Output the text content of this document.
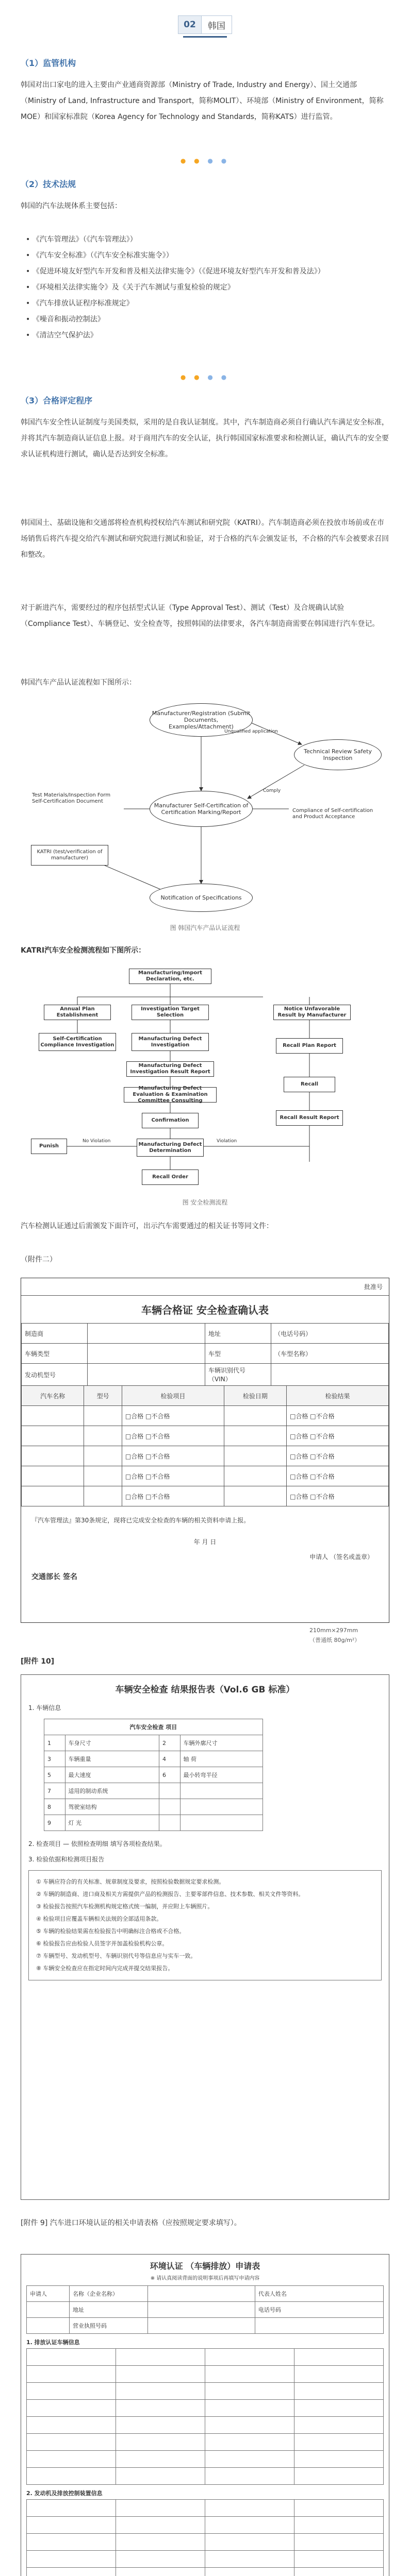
02	韩国
（1）监管机构
韩国对出口家电的进入主要由产业通商资源部（Ministry of Trade, Industry and Energy）、国土交通部（Ministry of Land, Infrastructure and Transport，简称MOLIT）、环境部（Ministry of Environment，简称MOE）和国家标准院（Korea Agency for Technology and Standards，简称KATS）进行监管。
● ● ● ●
（2）技术法规
韩国的汽车法规体系主要包括：
• 《汽车管理法》（《汽车管理法》）
• 《汽车安全标准》（《汽车安全标准实施令》）
• 《促进环境友好型汽车开发和普及相关法律实施令》（《促进环境友好型汽车开发和普及法》）
• 《环境相关法律实施令》及《关于汽车测试与重复检验的规定》
• 《汽车排放认证程序标准规定》
• 《噪音和振动控制法》
• 《清洁空气保护法》
● ● ● ●
（3）合格评定程序
韩国汽车安全性认证制度与美国类似，采用的是自我认证制度。其中，汽车制造商必须自行确认汽车满足安全标准，并将其汽车制造商认证信息上报。对于商用汽车的安全认证，执行韩国国家标准要求和检测认证，确认汽车的安全要求认证机构进行测试，确认是否达到安全标准。
韩国国土、基础设施和交通部将检查机构授权给汽车测试和研究院（KATRI）。汽车制造商必须在投放市场前或在市场销售后将汽车提交给汽车测试和研究院进行测试和验证，对于合格的汽车会颁发证书，不合格的汽车会被要求召回和整改。
对于新进汽车，需要经过的程序包括型式认证（Type Approval Test）、测试（Test）及合规确认试验（Compliance Test）、车辆登记、安全检查等，按照韩国的法律要求，各汽车制造商需要在韩国进行汽车登记。
韩国汽车产品认证流程如下图所示：
Manufacturer/Registration (Submit Documents, Examples/Attachment)
Technical Review Safety Inspection
Unqualified application
Comply
Manufacturer Self-Certification of Certification Marking/Report
Test Materials/Inspection Form Self-Certification Document
Compliance of Self-certification and Product Acceptance
KATRI (test/verification of manufacturer)
Notification of Specifications
图 韩国汽车产品认证流程
KATRI汽车安全检测流程如下图所示：
Manufacturing/Import Declaration, etc.
Annual Plan Establishment
Investigation Target Selection
Notice Unfavorable Result by Manufacturer
Self-Certification Compliance Investigation
Manufacturing Defect Investigation
Manufacturing Defect Investigation Result Report
Recall Plan Report
Manufacturing Defect Evaluation & Examination Committee Consulting
Recall
Confirmation	Recall Result Report
Manufacturing Defect Determination
Punish
Recall Order
No Violation	Violation
图 安全检测流程
汽车检测认证通过后需颁发下面许可，出示汽车需要通过的相关证书等同文件：
（附件二）
批准号
车辆合格证 安全检查确认表
制造商		地址	（电话号码）
车辆类型		车型	（车型名称）
发动机型号		车辆识别代号
（VIN）	
汽车名称	型号	检验项目	检验日期	检验结果
		□合格 □不合格		□合格 □不合格
		□合格 □不合格		□合格 □不合格
		□合格 □不合格		□合格 □不合格
		□合格 □不合格		□合格 □不合格
		□合格 □不合格		□合格 □不合格
『汽车管理法』第30条规定，现将已完成安全检查的车辆的相关资料申请上报。
年 月 日
申请人 （签名或盖章）
交通部长 签名
210mm×297mm
（普通纸 80g/m²）
[附件 10]
车辆安全检查 结果报告表（Vol.6 GB 标准）
1. 车辆信息
汽车安全检查 项目			
1	车身尺寸	2	车辆外廓尺寸
3	车辆重量	4	轴 荷
5	最大速度	6	最小转弯半径
7	适用的制动系统		
8	驾驶室结构		
9	灯 光		
2. 检查项目 — 依照检查明细 填写各项检查结果。
3. 检验依据和检测项目报告
① 车辆应符合的有关标准、规章制度及要求，按照检验数据规定要求检测。
② 车辆的制造商、进口商及相关方需提供产品的检测报告、主要零部件信息、技术参数、相关文件等资料。
③ 检验报告按照汽车检测机构规定格式统一编制，并应附上车辆照片。
④ 检验项目应覆盖车辆相关法规的全部适用条款。
⑤ 车辆的检验结果需在检验报告中明确标注合格或不合格。
⑥ 检验报告应由检验人员签字并加盖检验机构公章。
⑦ 车辆型号、发动机型号、车辆识别代号等信息应与实车一致。
⑧ 车辆安全检查应在指定时间内完成并提交结果报告。
[附件 9] 汽车进口环境认证的相关申请表格（应按照规定要求填写）。
环境认证 （车辆排放）申请表
※ 请认真阅读背面的说明事项后再填写申请内容
申请人	名称（企业名称）		代表人姓名
	地址		电话号码
	营业执照号码		
1. 排放认证车辆信息

2. 发动机及排放控制装置信息
